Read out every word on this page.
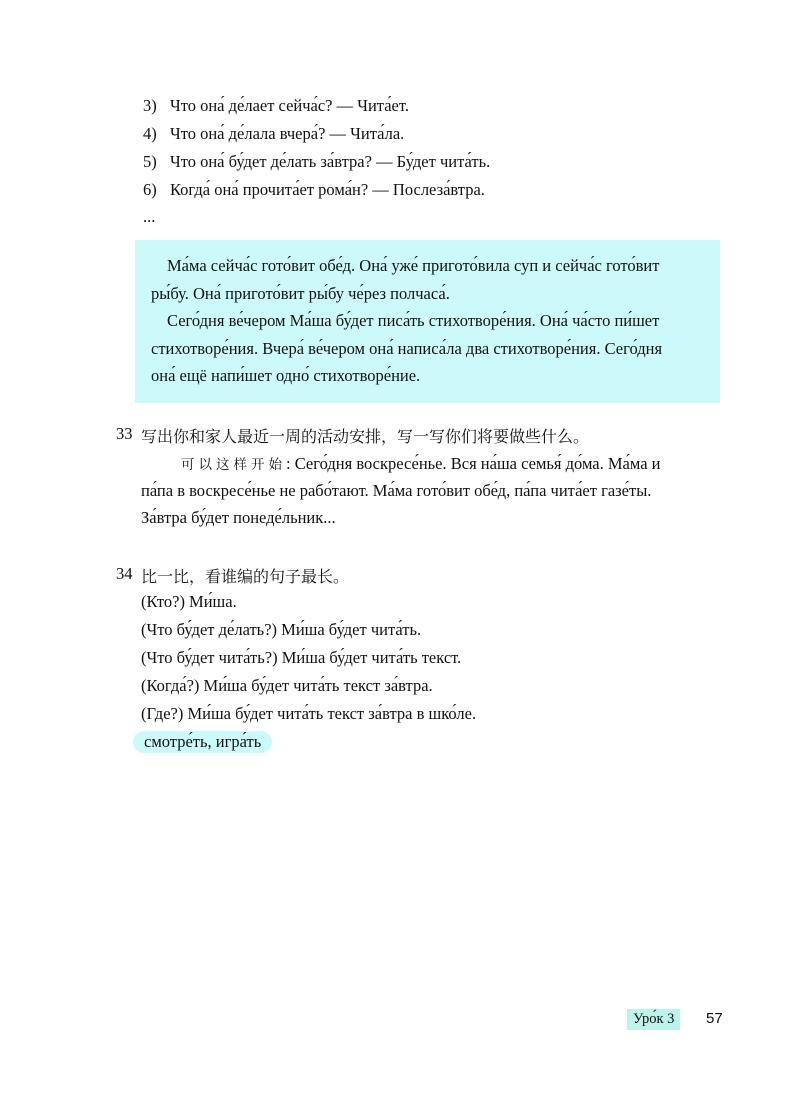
3) Что она́ де́лает сейча́с? — Чита́ет.
4) Что она́ де́лала вчера́? — Чита́ла.
5) Что она́ бу́дет де́лать за́втра? — Бу́дет чита́ть.
6) Когда́ она́ прочита́ет рома́н? — Послеза́втра.
...
Ма́ма сейча́с гото́вит обе́д. Она́ уже́ пригото́вила суп и сейча́с гото́вит
ры́бу. Она́ пригото́вит ры́бу че́рез полчаса́.
Сего́дня ве́чером Ма́ша бу́дет писа́ть стихотворе́ния. Она́ ча́сто пи́шет
стихотворе́ния. Вчера́ ве́чером она́ написа́ла два стихотворе́ния. Сего́дня
она́ ещё напи́шет одно́ стихотворе́ние.
33 写出你和家人最近一周的活动安排，写一写你们将要做些什么。
可以这样开始: Сего́дня воскресе́нье. Вся на́ша семья́ до́ма. Ма́ма и
па́па в воскресе́нье не рабо́тают. Ма́ма гото́вит обе́д, па́па чита́ет газе́ты.
За́втра бу́дет понеде́льник...
34 比一比，看谁编的句子最长。
(Кто?) Ми́ша.
(Что бу́дет де́лать?) Ми́ша бу́дет чита́ть.
(Что бу́дет чита́ть?) Ми́ша бу́дет чита́ть текст.
(Когда́?) Ми́ша бу́дет чита́ть текст за́втра.
(Где?) Ми́ша бу́дет чита́ть текст за́втра в шко́ле.
смотре́ть, игра́ть
Уро́к 3	57
